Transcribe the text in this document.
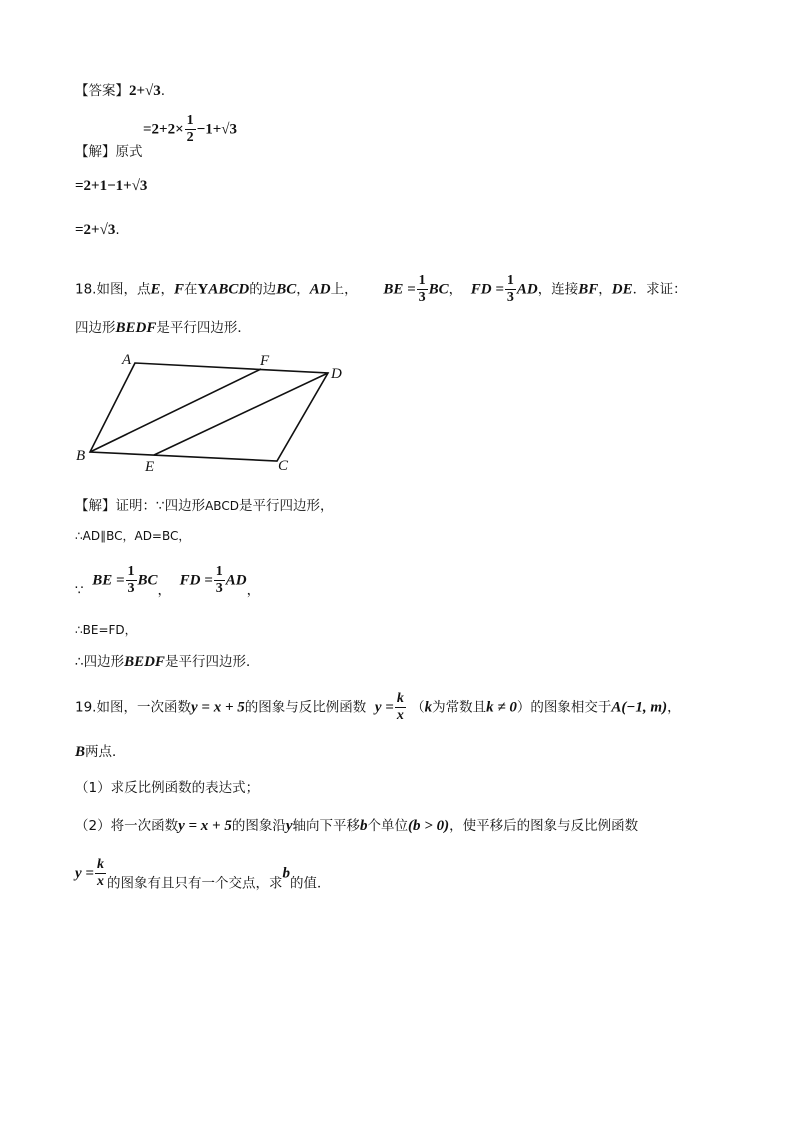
【答案】2+√3.
【解】原式
$=2+2\times \frac{1}{2} -1+√3$
=2+1−1+√3
=2+√3.
18.如图，点E，F在YABCD的边BC，AD上， BE = $\frac{1}{3}$ BC， FD = $\frac{1}{3}$ AD，连接BF，DE．求证：
四边形BEDF是平行四边形．
A	F
D
B
E	C
【解】证明：∵四边形ABCD是平行四边形，
∴AD∥BC，AD=BC，
∵  BE = $\frac{1}{3}$ BC，  FD = $\frac{1}{3}$ AD，
∴BE=FD，
∴四边形BEDF是平行四边形．
19.如图，一次函数y = x + 5的图象与反比例函数 $y = \frac{k}{x} (k$为常数且k ≠ 0）的图象相交于A(−1, m)，
B两点．
（1）求反比例函数的表达式；
（2）将一次函数y = x + 5的图象沿y轴向下平移b个单位(b > 0)，使平移后的图象与反比例函数
$y = \frac{k}{x}$ 的图象有且只有一个交点，求b的值．
